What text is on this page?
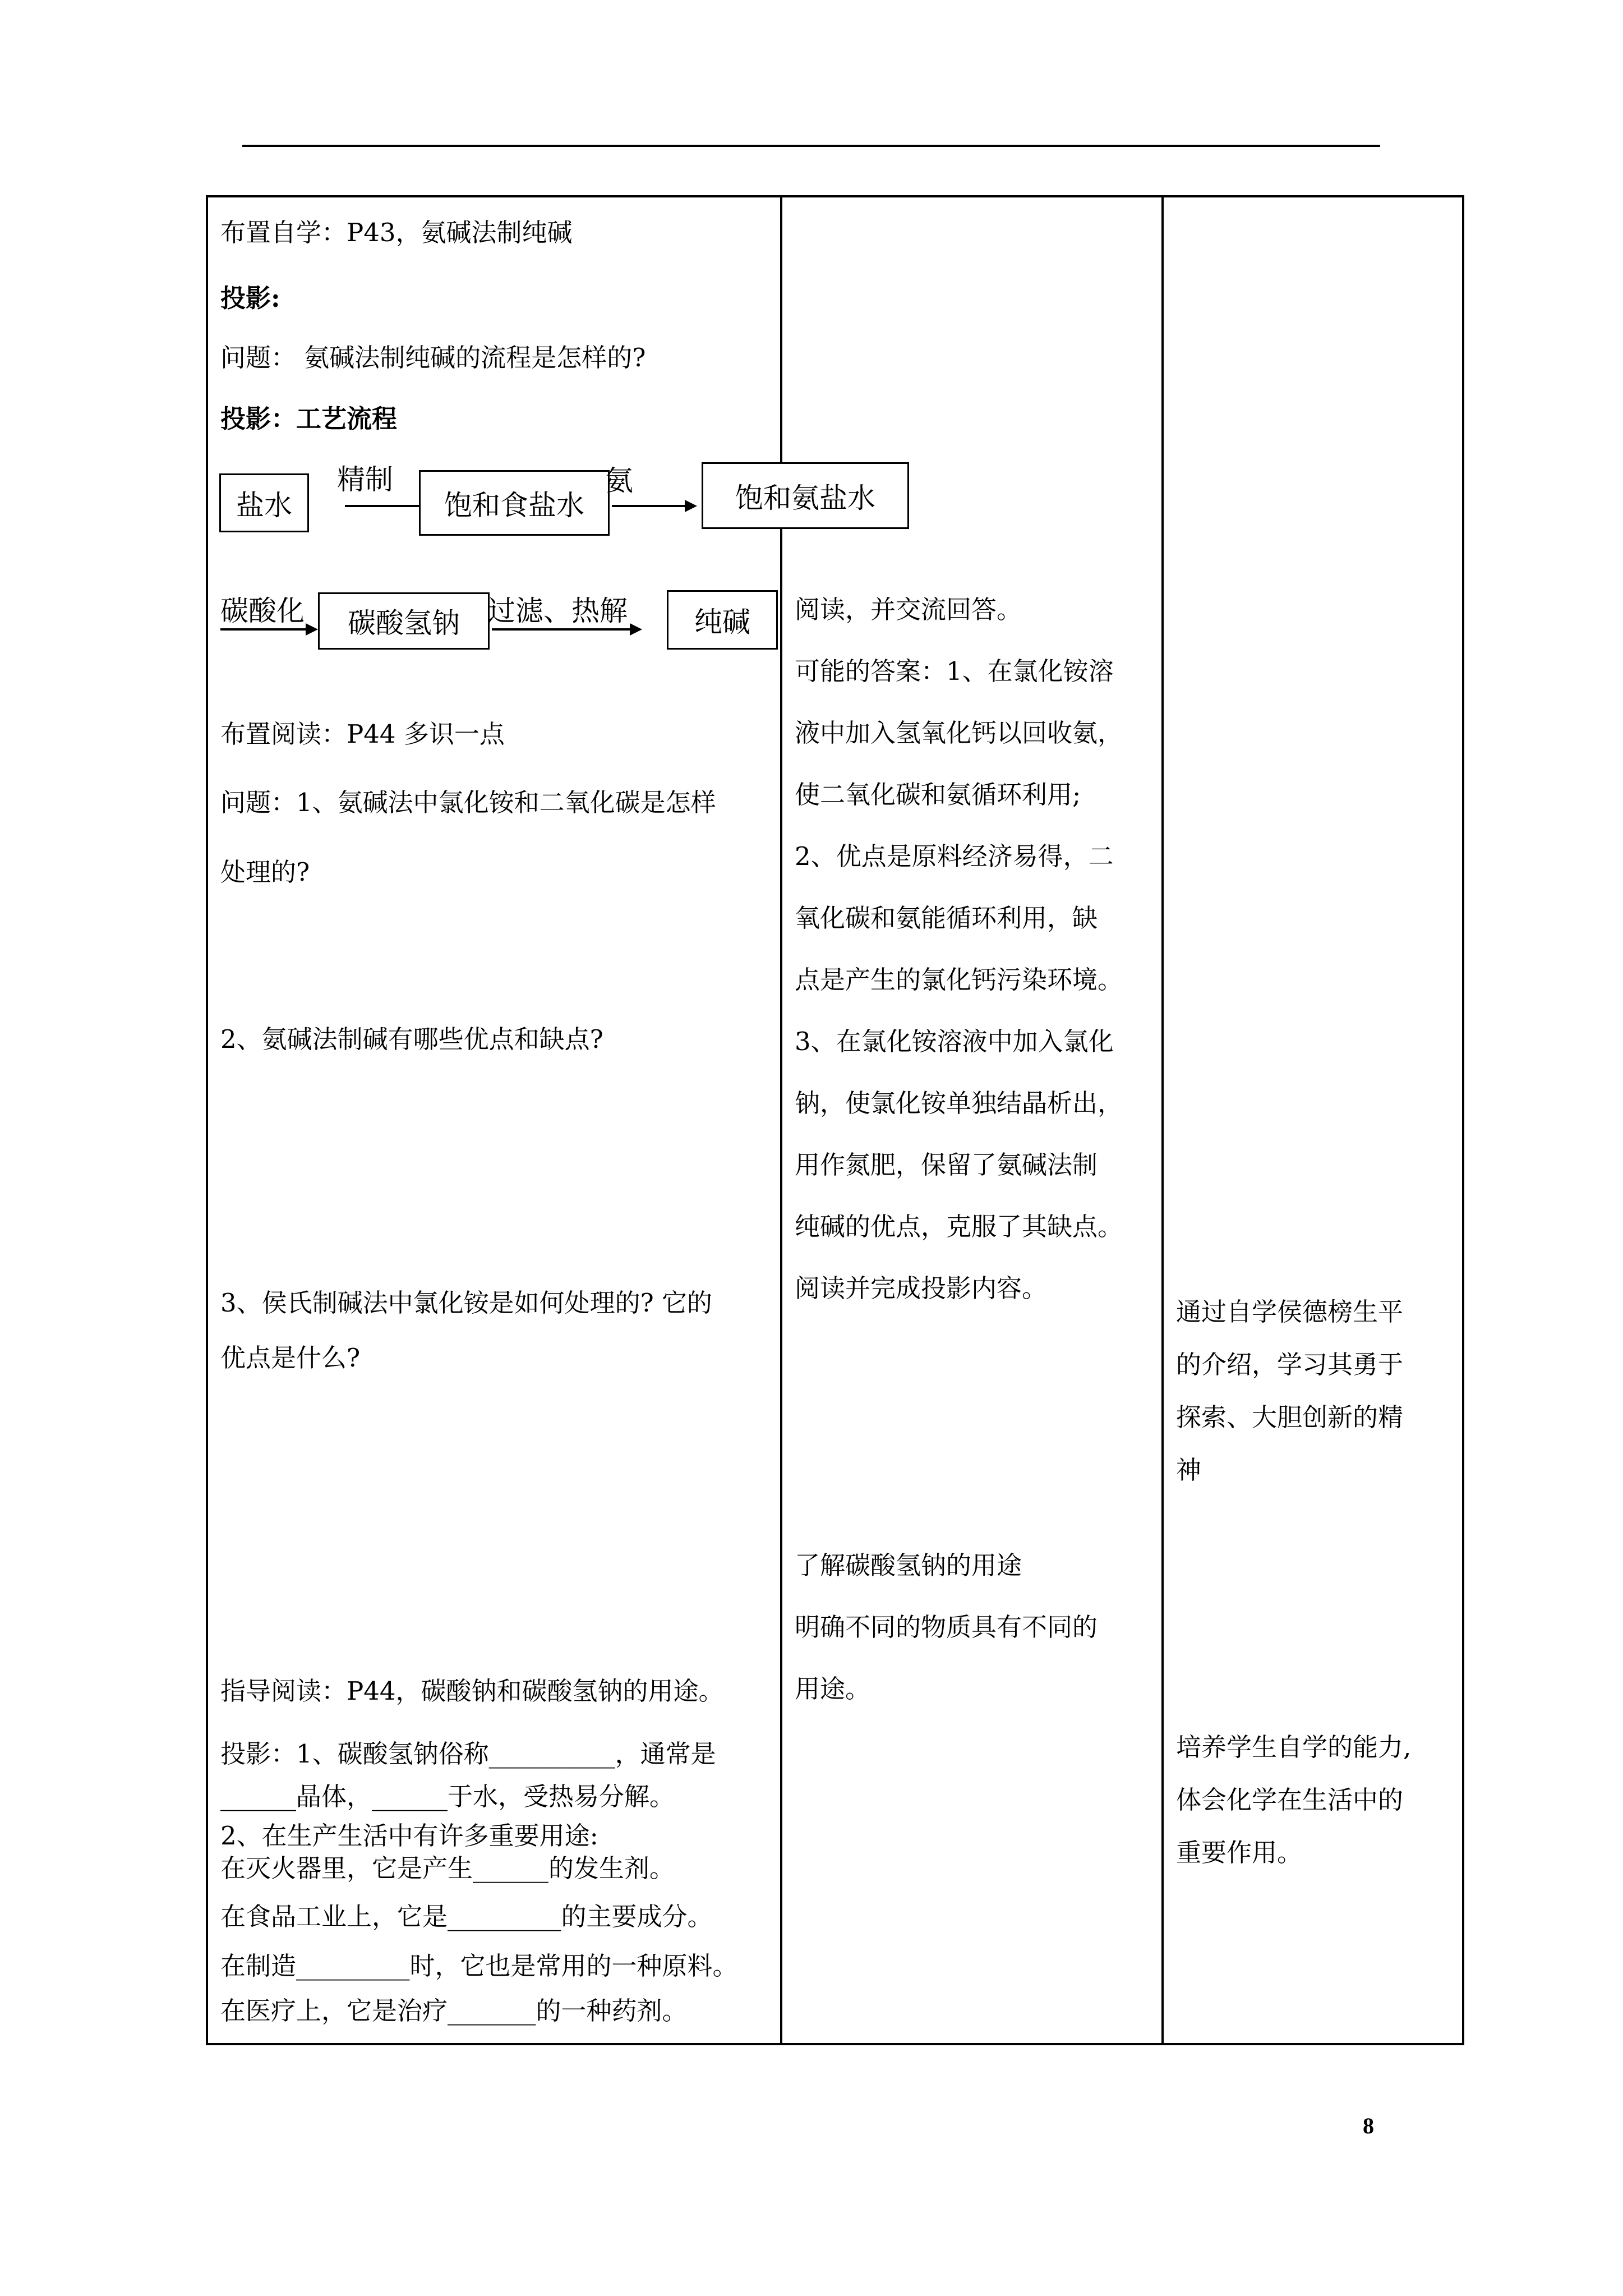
布置自学：P43，氨碱法制纯碱
投影:
问题： 氨碱法制纯碱的流程是怎样的?
投影：工艺流程
盐水
精制
饱和食盐水
氨
饱和氨盐水
碳酸化	碳酸氢钠 过滤、热解	纯碱
布置阅读：P44 多识一点
问题：1、氨碱法中氯化铵和二氧化碳是怎样
处理的?
2、氨碱法制碱有哪些优点和缺点?
3、侯氏制碱法中氯化铵是如何处理的? 它的
优点是什么?
指导阅读：P44，碳酸钠和碳酸氢钠的用途。
投影：1、碳酸氢钠俗称__________，通常是
______晶体，______于水，受热易分解。
2、在生产生活中有许多重要用途:
在灭火器里，它是产生______的发生剂。
在食品工业上，它是_________的主要成分。
在制造_________时，它也是常用的一种原料。
在医疗上，它是治疗_______的一种药剂。
阅读，并交流回答。
可能的答案：1、在氯化铵溶
液中加入氢氧化钙以回收氨，
使二氧化碳和氨循环利用;
2、优点是原料经济易得，二
氧化碳和氨能循环利用，缺
点是产生的氯化钙污染环境。
3、在氯化铵溶液中加入氯化
钠，使氯化铵单独结晶析出，
用作氮肥，保留了氨碱法制
纯碱的优点，克服了其缺点。
阅读并完成投影内容。
了解碳酸氢钠的用途
明确不同的物质具有不同的
用途。
通过自学侯德榜生平
的介绍，学习其勇于
探索、大胆创新的精
神
培养学生自学的能力,
体会化学在生活中的
重要作用。
8
